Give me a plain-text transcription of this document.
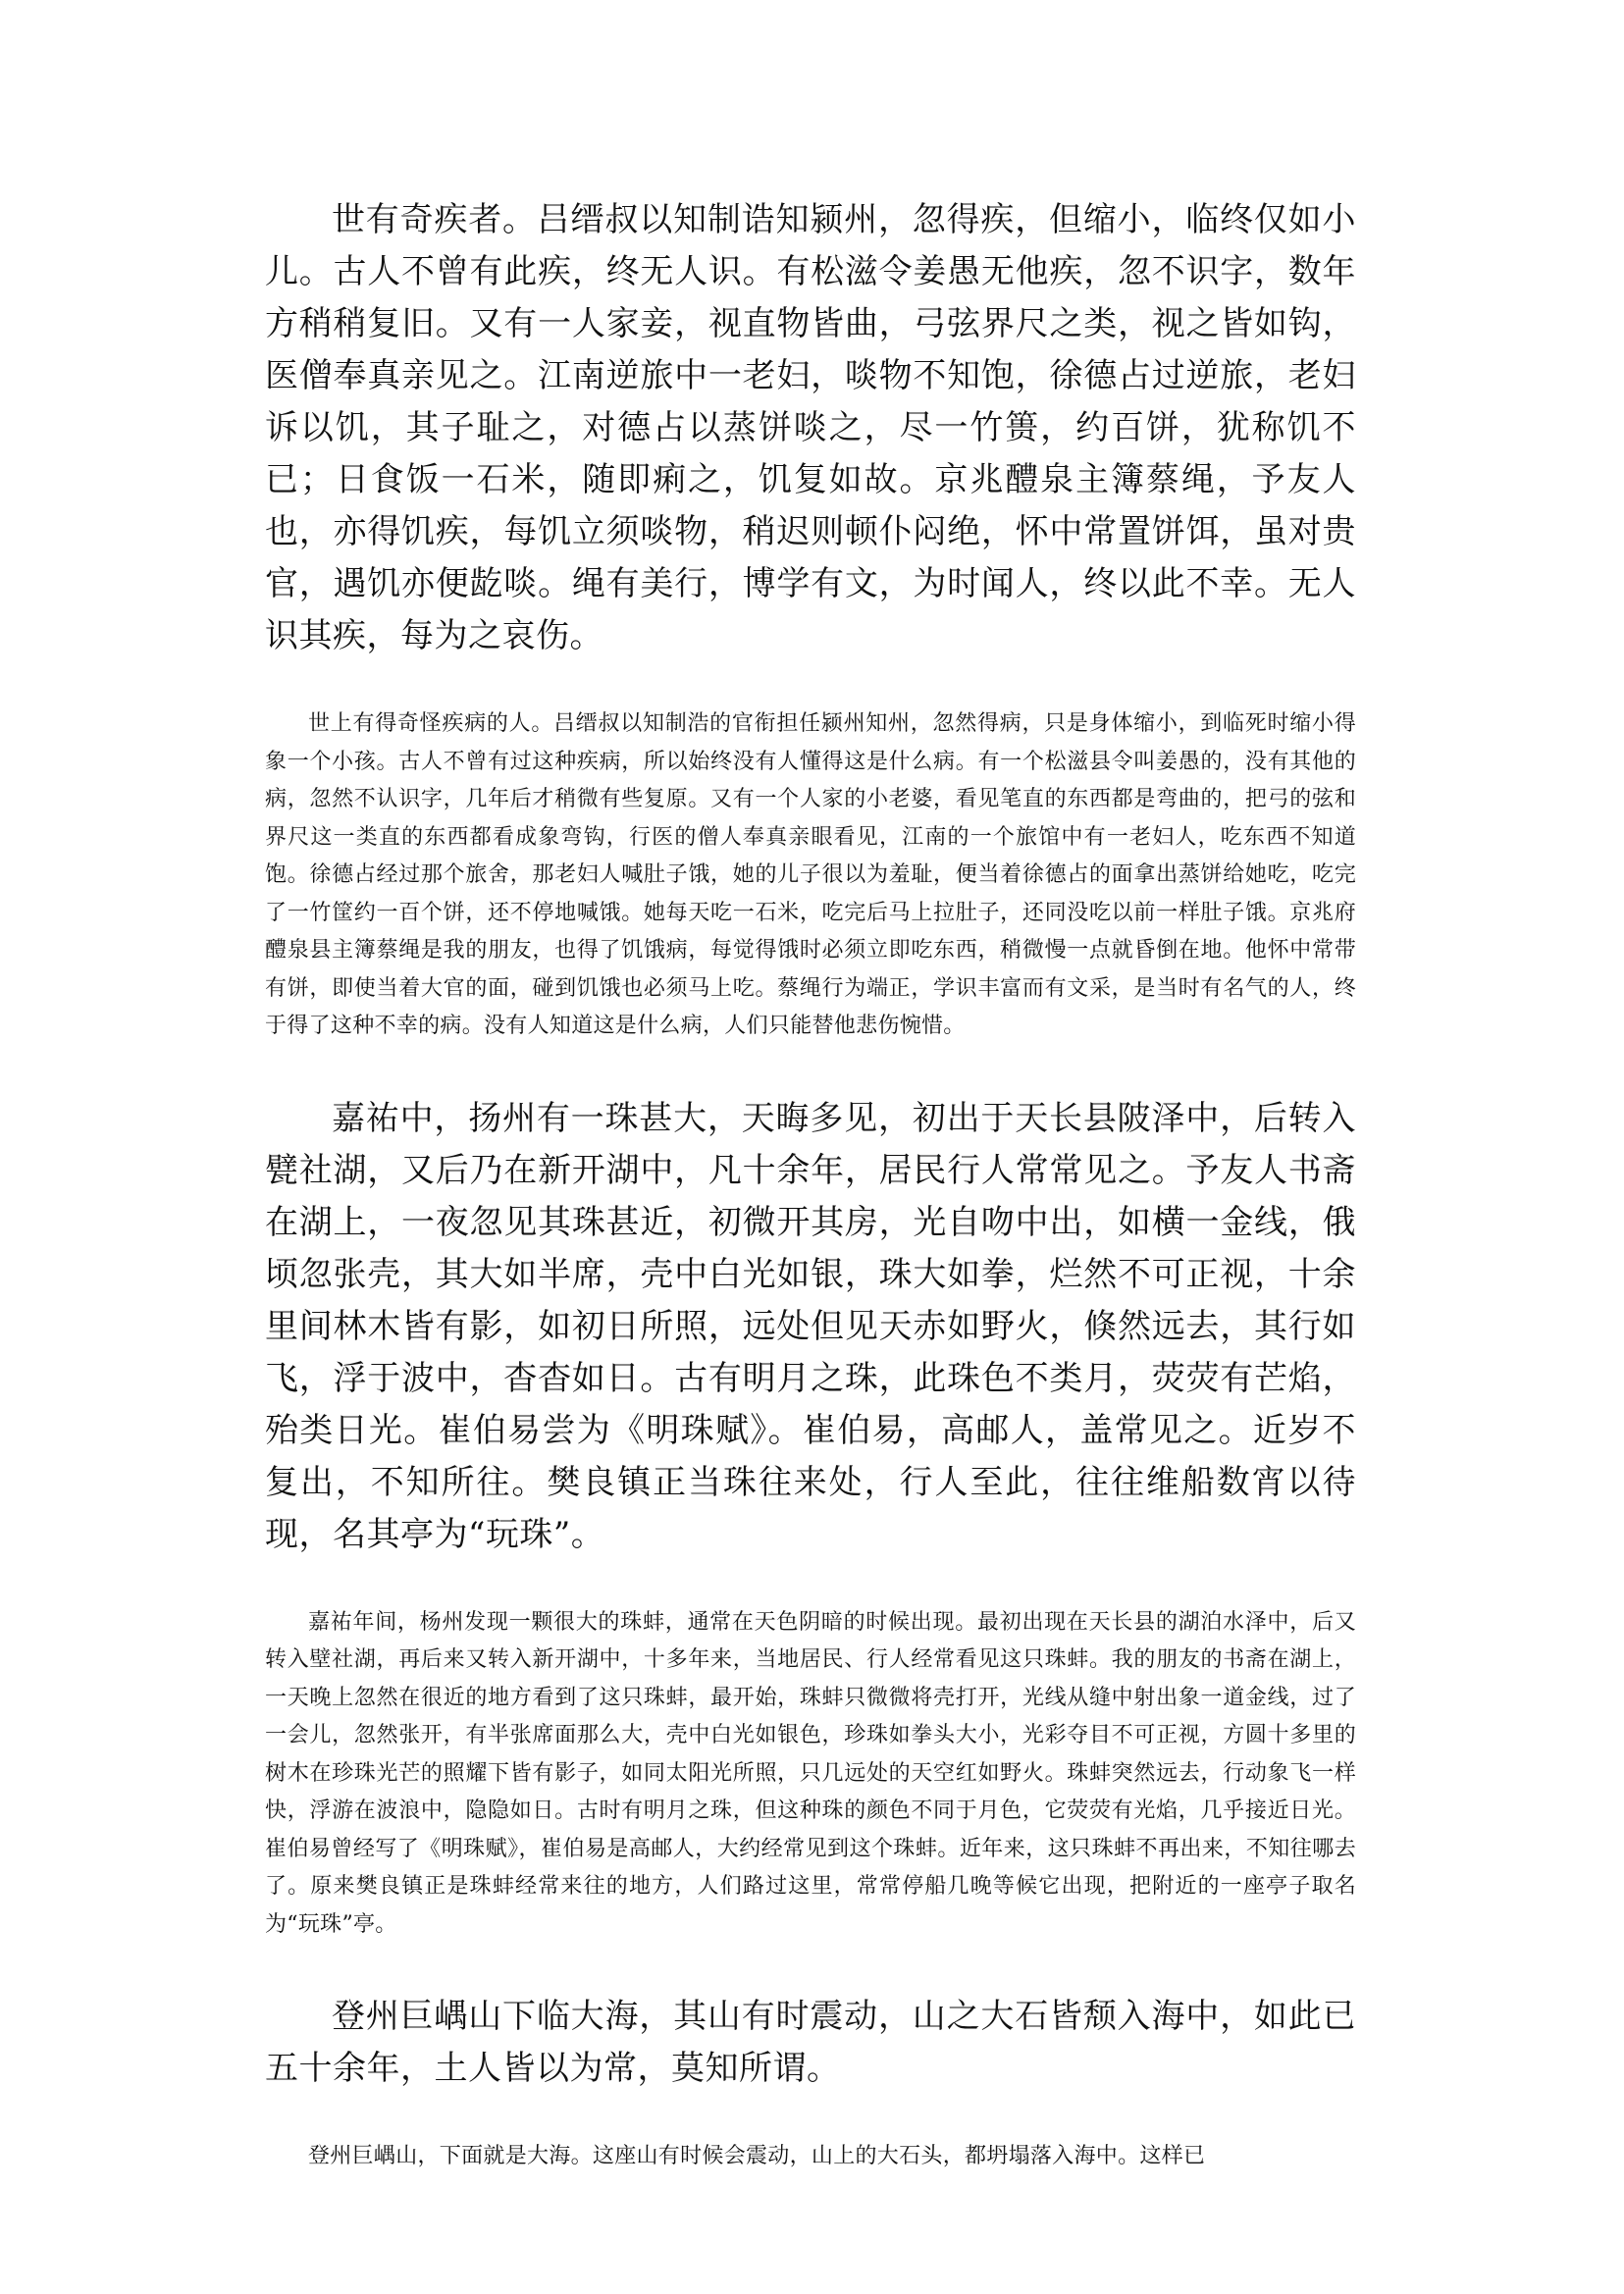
世有奇疾者。吕缙叔以知制诰知颍州，忽得疾，但缩小，临终仅如小儿。古人不曾有此疾，终无人识。有松滋令姜愚无他疾，忽不识字，数年方稍稍复旧。又有一人家妾，视直物皆曲，弓弦界尺之类，视之皆如钩，医僧奉真亲见之。江南逆旅中一老妇，啖物不知饱，徐德占过逆旅，老妇诉以饥，其子耻之，对德占以蒸饼啖之，尽一竹篑，约百饼，犹称饥不已；日食饭一石米，随即痢之，饥复如故。京兆醴泉主簿蔡绳，予友人也，亦得饥疾，每饥立须啖物，稍迟则顿仆闷绝，怀中常置饼饵，虽对贵官，遇饥亦便龁啖。绳有美行，博学有文，为时闻人，终以此不幸。无人识其疾，每为之哀伤。

世上有得奇怪疾病的人。吕缙叔以知制浩的官衔担任颍州知州，忽然得病，只是身体缩小，到临死时缩小得象一个小孩。古人不曾有过这种疾病，所以始终没有人懂得这是什么病。有一个松滋县令叫姜愚的，没有其他的病，忽然不认识字，几年后才稍微有些复原。又有一个人家的小老婆，看见笔直的东西都是弯曲的，把弓的弦和界尺这一类直的东西都看成象弯钩，行医的僧人奉真亲眼看见，江南的一个旅馆中有一老妇人，吃东西不知道饱。徐德占经过那个旅舍，那老妇人喊肚子饿，她的儿子很以为羞耻，便当着徐德占的面拿出蒸饼给她吃，吃完了一竹筐约一百个饼，还不停地喊饿。她每天吃一石米，吃完后马上拉肚子，还同没吃以前一样肚子饿。京兆府醴泉县主簿蔡绳是我的朋友，也得了饥饿病，每觉得饿时必须立即吃东西，稍微慢一点就昏倒在地。他怀中常带有饼，即使当着大官的面，碰到饥饿也必须马上吃。蔡绳行为端正，学识丰富而有文采，是当时有名气的人，终于得了这种不幸的病。没有人知道这是什么病，人们只能替他悲伤惋惜。

嘉祐中，扬州有一珠甚大，天晦多见，初出于天长县陂泽中，后转入甓社湖，又后乃在新开湖中，凡十余年，居民行人常常见之。予友人书斋在湖上，一夜忽见其珠甚近，初微开其房，光自吻中出，如横一金线，俄顷忽张壳，其大如半席，壳中白光如银，珠大如拳，烂然不可正视，十余里间林木皆有影，如初日所照，远处但见天赤如野火，倏然远去，其行如飞，浮于波中，杳杳如日。古有明月之珠，此珠色不类月，荧荧有芒焰，殆类日光。崔伯易尝为《明珠赋》。崔伯易，高邮人，盖常见之。近岁不复出，不知所往。樊良镇正当珠往来处，行人至此，往往维船数宵以待现，名其亭为“玩珠”。

嘉祐年间，杨州发现一颗很大的珠蚌，通常在天色阴暗的时候出现。最初出现在天长县的湖泊水泽中，后又转入壁社湖，再后来又转入新开湖中，十多年来，当地居民、行人经常看见这只珠蚌。我的朋友的书斋在湖上，一天晚上忽然在很近的地方看到了这只珠蚌，最开始，珠蚌只微微将壳打开，光线从缝中射出象一道金线，过了一会儿，忽然张开，有半张席面那么大，壳中白光如银色，珍珠如拳头大小，光彩夺目不可正视，方圆十多里的树木在珍珠光芒的照耀下皆有影子，如同太阳光所照，只几远处的天空红如野火。珠蚌突然远去，行动象飞一样快，浮游在波浪中，隐隐如日。古时有明月之珠，但这种珠的颜色不同于月色，它荧荧有光焰，几乎接近日光。崔伯易曾经写了《明珠赋》，崔伯易是高邮人，大约经常见到这个珠蚌。近年来，这只珠蚌不再出来，不知往哪去了。原来樊良镇正是珠蚌经常来往的地方，人们路过这里，常常停船几晚等候它出现，把附近的一座亭子取名为“玩珠”亭。

登州巨嵎山下临大海，其山有时震动，山之大石皆颓入海中，如此已五十余年，土人皆以为常，莫知所谓。

登州巨嵎山，下面就是大海。这座山有时候会震动，山上的大石头，都坍塌落入海中。这样已
